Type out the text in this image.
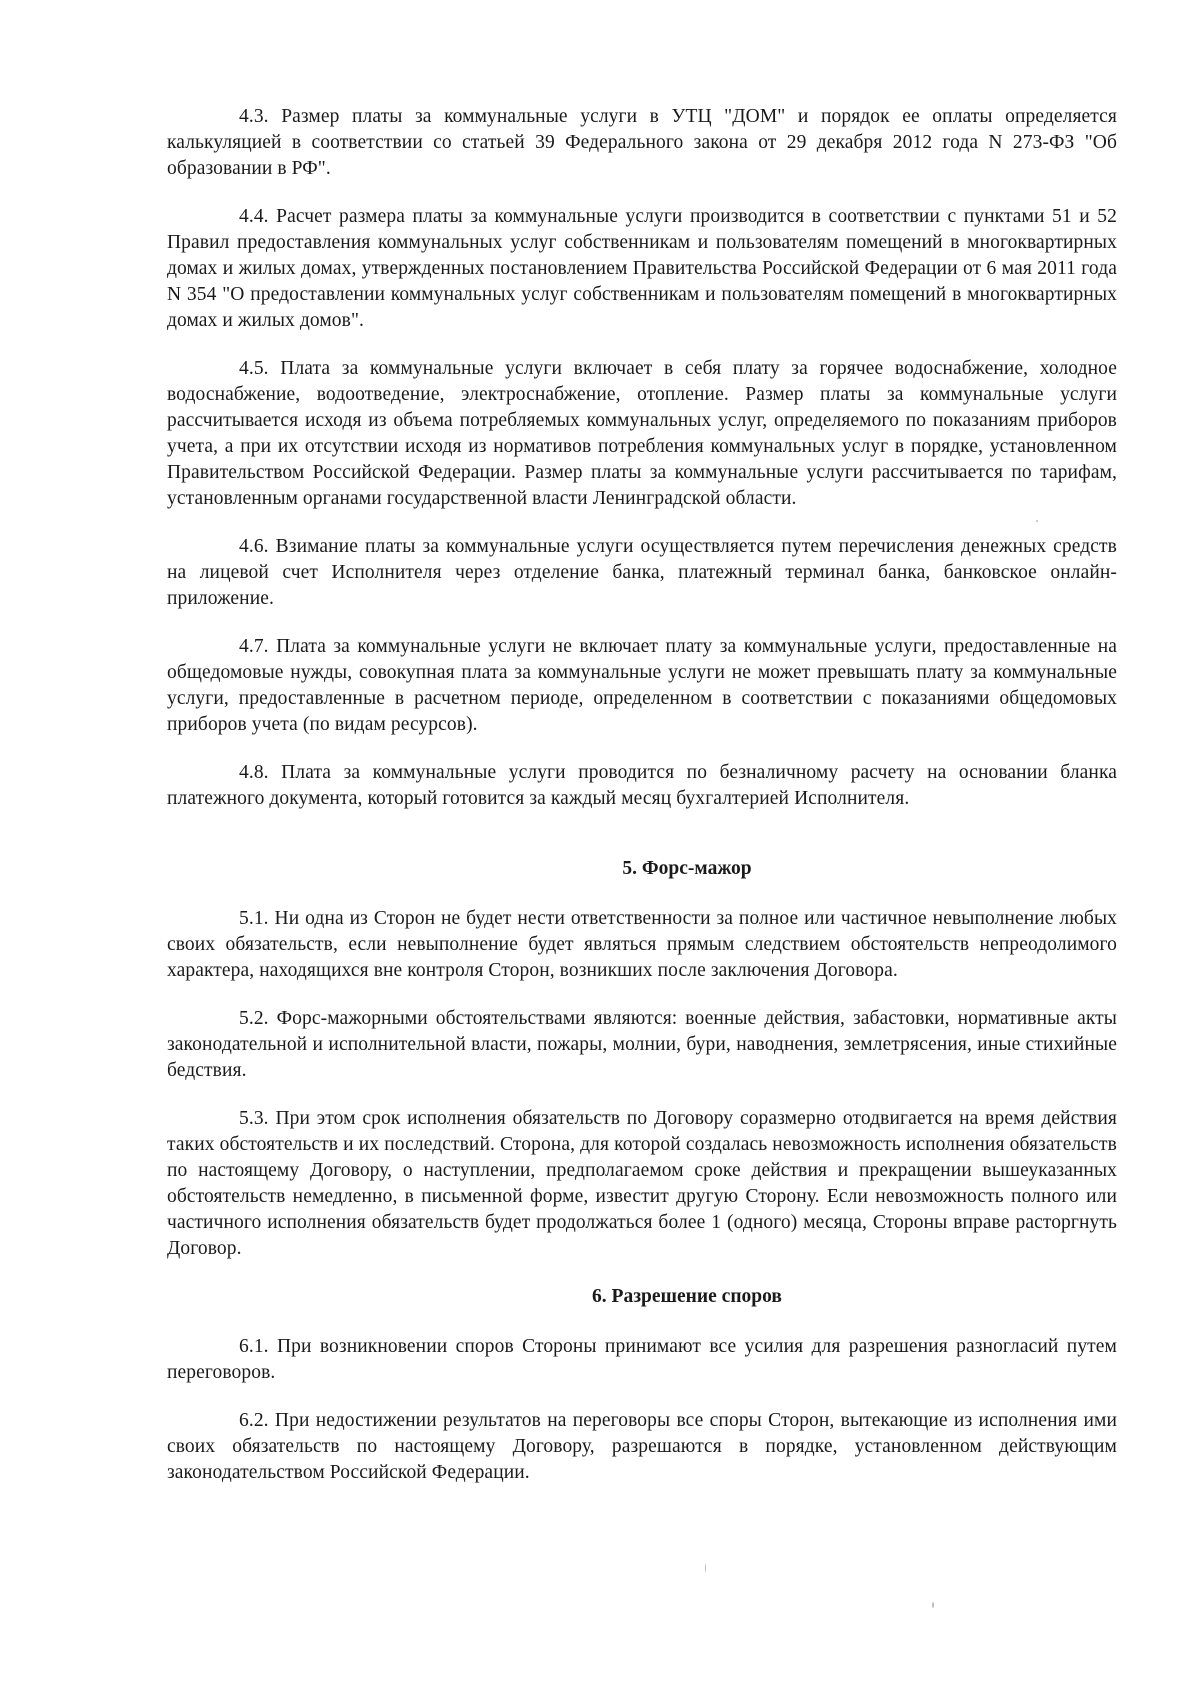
4.3. Размер платы за коммунальные услуги в УТЦ "ДОМ" и порядок ее оплаты определяется калькуляцией в соответствии со статьей 39 Федерального закона от 29 декабря 2012 года N 273-ФЗ "Об образовании в РФ".

4.4. Расчет размера платы за коммунальные услуги производится в соответствии с пунктами 51 и 52 Правил предоставления коммунальных услуг собственникам и пользователям помещений в многоквартирных домах и жилых домах, утвержденных постановлением Правительства Российской Федерации от 6 мая 2011 года N 354 "О предоставлении коммунальных услуг собственникам и пользователям помещений в многоквартирных домах и жилых домов".

4.5. Плата за коммунальные услуги включает в себя плату за горячее водоснабжение, холодное водоснабжение, водоотведение, электроснабжение, отопление. Размер платы за коммунальные услуги рассчитывается исходя из объема потребляемых коммунальных услуг, определяемого по показаниям приборов учета, а при их отсутствии исходя из нормативов потребления коммунальных услуг в порядке, установленном Правительством Российской Федерации. Размер платы за коммунальные услуги рассчитывается по тарифам, установленным органами государственной власти Ленинградской области.

4.6. Взимание платы за коммунальные услуги осуществляется путем перечисления денежных средств на лицевой счет Исполнителя через отделение банка, платежный терминал банка, банковское онлайн-приложение.

4.7. Плата за коммунальные услуги не включает плату за коммунальные услуги, предоставленные на общедомовые нужды, совокупная плата за коммунальные услуги не может превышать плату за коммунальные услуги, предоставленные в расчетном периоде, определенном в соответствии с показаниями общедомовых приборов учета (по видам ресурсов).

4.8. Плата за коммунальные услуги проводится по безналичному расчету на основании бланка платежного документа, который готовится за каждый месяц бухгалтерией Исполнителя.

5. Форс-мажор

5.1. Ни одна из Сторон не будет нести ответственности за полное или частичное невыполнение любых своих обязательств, если невыполнение будет являться прямым следствием обстоятельств непреодолимого характера, находящихся вне контроля Сторон, возникших после заключения Договора.

5.2. Форс-мажорными обстоятельствами являются: военные действия, забастовки, нормативные акты законодательной и исполнительной власти, пожары, молнии, бури, наводнения, землетрясения, иные стихийные бедствия.

5.3. При этом срок исполнения обязательств по Договору соразмерно отодвигается на время действия таких обстоятельств и их последствий. Сторона, для которой создалась невозможность исполнения обязательств по настоящему Договору, о наступлении, предполагаемом сроке действия и прекращении вышеуказанных обстоятельств немедленно, в письменной форме, известит другую Сторону. Если невозможность полного или частичного исполнения обязательств будет продолжаться более 1 (одного) месяца, Стороны вправе расторгнуть Договор.

6. Разрешение споров

6.1. При возникновении споров Стороны принимают все усилия для разрешения разногласий путем переговоров.

6.2. При недостижении результатов на переговоры все споры Сторон, вытекающие из исполнения ими своих обязательств по настоящему Договору, разрешаются в порядке, установленном действующим законодательством Российской Федерации.
